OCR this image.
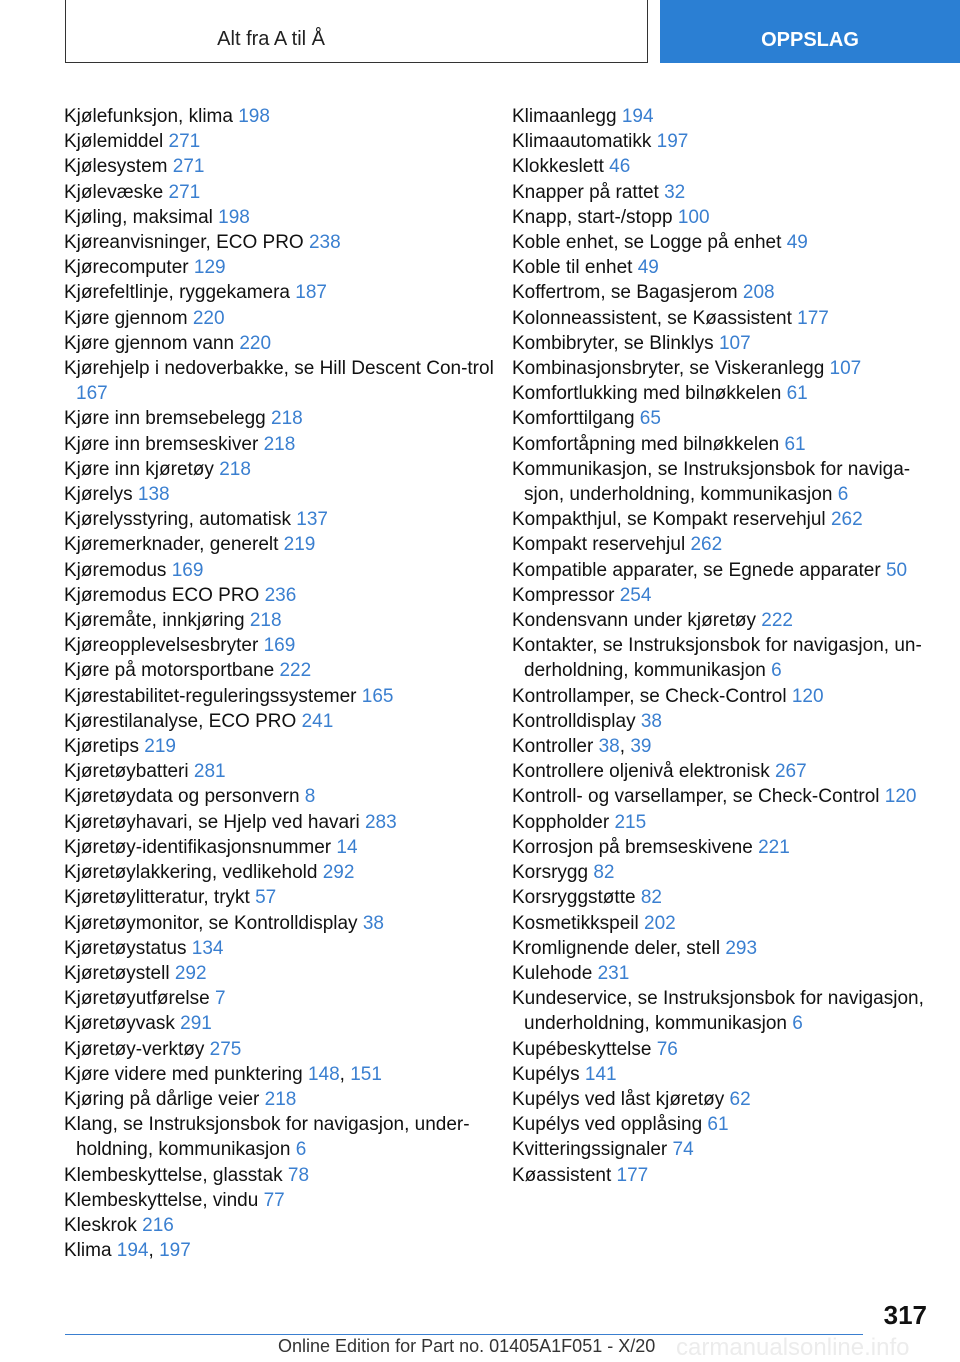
Alt fra A til Å	OPPSLAG
Kjølefunksjon, klima 198
Kjølemiddel 271
Kjølesystem 271
Kjølevæske 271
Kjøling, maksimal 198
Kjøreanvisninger, ECO PRO 238
Kjørecomputer 129
Kjørefeltlinje, ryggekamera 187
Kjøre gjennom 220
Kjøre gjennom vann 220
Kjørehjelp i nedoverbakke, se Hill Descent Con-trol 167
Kjøre inn bremsebelegg 218
Kjøre inn bremseskiver 218
Kjøre inn kjøretøy 218
Kjørelys 138
Kjørelysstyring, automatisk 137
Kjøremerknader, generelt 219
Kjøremodus 169
Kjøremodus ECO PRO 236
Kjøremåte, innkjøring 218
Kjøreopplevelsesbryter 169
Kjøre på motorsportbane 222
Kjørestabilitet-reguleringssystemer 165
Kjørestilanalyse, ECO PRO 241
Kjøretips 219
Kjøretøybatteri 281
Kjøretøydata og personvern 8
Kjøretøyhavari, se Hjelp ved havari 283
Kjøretøy-identifikasjonsnummer 14
Kjøretøylakkering, vedlikehold 292
Kjøretøylitteratur, trykt 57
Kjøretøymonitor, se Kontrolldisplay 38
Kjøretøystatus 134
Kjøretøystell 292
Kjøretøyutførelse 7
Kjøretøyvask 291
Kjøretøy-verktøy 275
Kjøre videre med punktering 148, 151
Kjøring på dårlige veier 218
Klang, se Instruksjonsbok for navigasjon, under-holdning, kommunikasjon 6
Klembeskyttelse, glasstak 78
Klembeskyttelse, vindu 77
Kleskrok 216
Klima 194, 197
Klimaanlegg 194
Klimaautomatikk 197
Klokkeslett 46
Knapper på rattet 32
Knapp, start-/stopp 100
Koble enhet, se Logge på enhet 49
Koble til enhet 49
Koffertrom, se Bagasjerom 208
Kolonneassistent, se Køassistent 177
Kombibryter, se Blinklys 107
Kombinasjonsbryter, se Viskeranlegg 107
Komfortlukking med bilnøkkelen 61
Komforttilgang 65
Komfortåpning med bilnøkkelen 61
Kommunikasjon, se Instruksjonsbok for naviga-sjon, underholdning, kommunikasjon 6
Kompakthjul, se Kompakt reservehjul 262
Kompakt reservehjul 262
Kompatible apparater, se Egnede apparater 50
Kompressor 254
Kondensvann under kjøretøy 222
Kontakter, se Instruksjonsbok for navigasjon, un-derholdning, kommunikasjon 6
Kontrollamper, se Check-Control 120
Kontrolldisplay 38
Kontroller 38, 39
Kontrollere oljenivå elektronisk 267
Kontroll- og varsellamper, se Check-Control 120
Koppholder 215
Korrosjon på bremseskivene 221
Korsrygg 82
Korsryggstøtte 82
Kosmetikkspeil 202
Kromlignende deler, stell 293
Kulehode 231
Kundeservice, se Instruksjonsbok for navigasjon, underholdning, kommunikasjon 6
Kupébeskyttelse 76
Kupélys 141
Kupélys ved låst kjøretøy 62
Kupélys ved opplåsing 61
Kvitteringssignaler 74
Køassistent 177
317
carmanualsonline.info
Online Edition for Part no. 01405A1F051 - X/20
